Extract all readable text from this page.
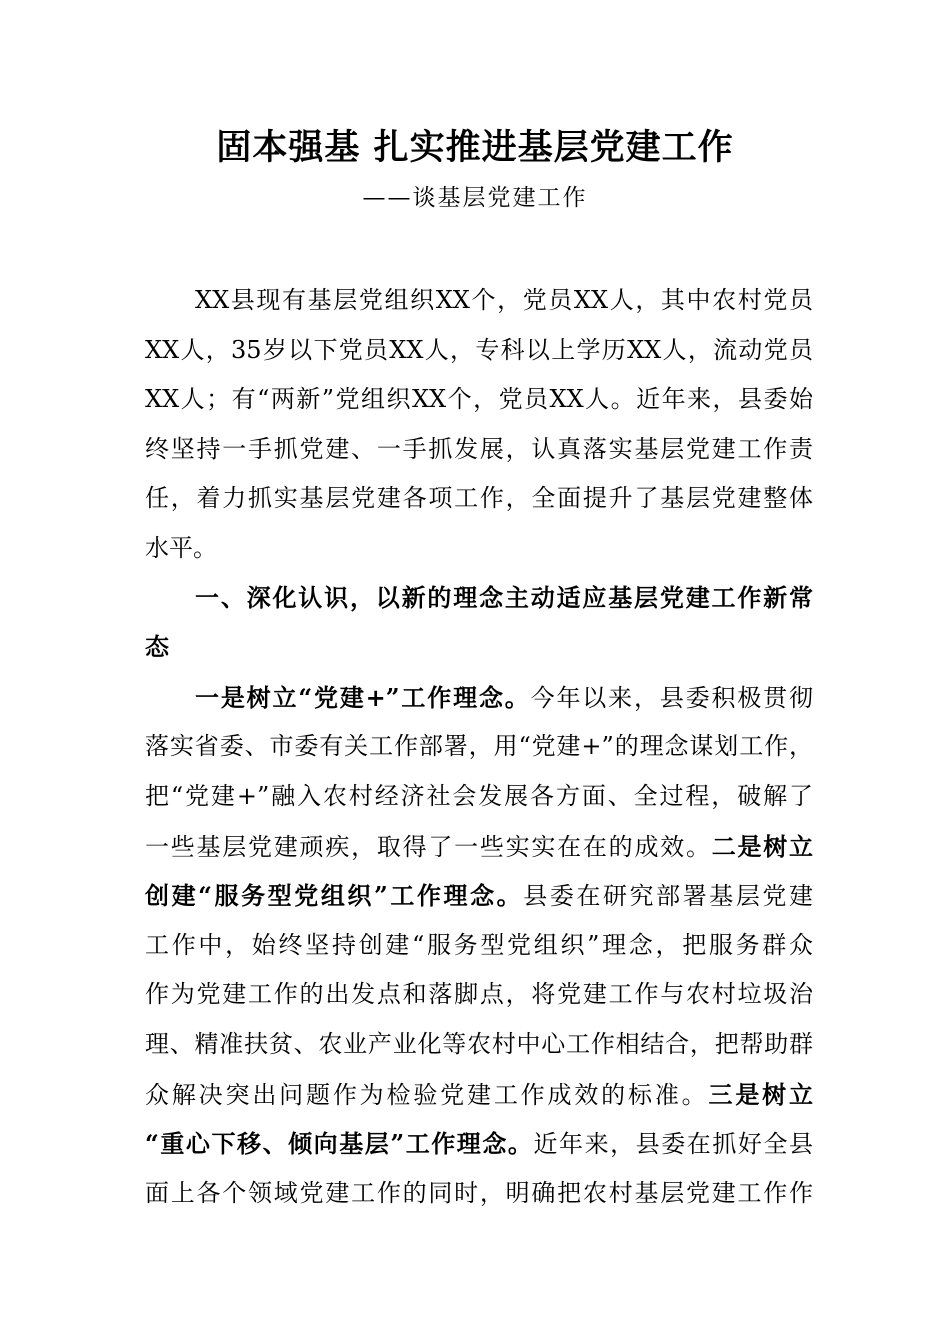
固本强基 扎实推进基层党建工作
——谈基层党建工作
XX县现有基层党组织XX个，党员XX人，其中农村党员
XX人，35岁以下党员XX人，专科以上学历XX人，流动党员
XX人；有“两新”党组织XX个，党员XX人。近年来，县委始
终坚持一手抓党建、一手抓发展，认真落实基层党建工作责
任，着力抓实基层党建各项工作，全面提升了基层党建整体
水平。
一、深化认识，以新的理念主动适应基层党建工作新常
态
一是树立“党建+”工作理念。今年以来，县委积极贯彻
落实省委、市委有关工作部署，用“党建+”的理念谋划工作，
把“党建+”融入农村经济社会发展各方面、全过程，破解了
一些基层党建顽疾，取得了一些实实在在的成效。二是树立
创建“服务型党组织”工作理念。县委在研究部署基层党建
工作中，始终坚持创建“服务型党组织”理念，把服务群众
作为党建工作的出发点和落脚点，将党建工作与农村垃圾治
理、精准扶贫、农业产业化等农村中心工作相结合，把帮助群
众解决突出问题作为检验党建工作成效的标准。三是树立
“重心下移、倾向基层”工作理念。近年来，县委在抓好全县
面上各个领域党建工作的同时，明确把农村基层党建工作作
